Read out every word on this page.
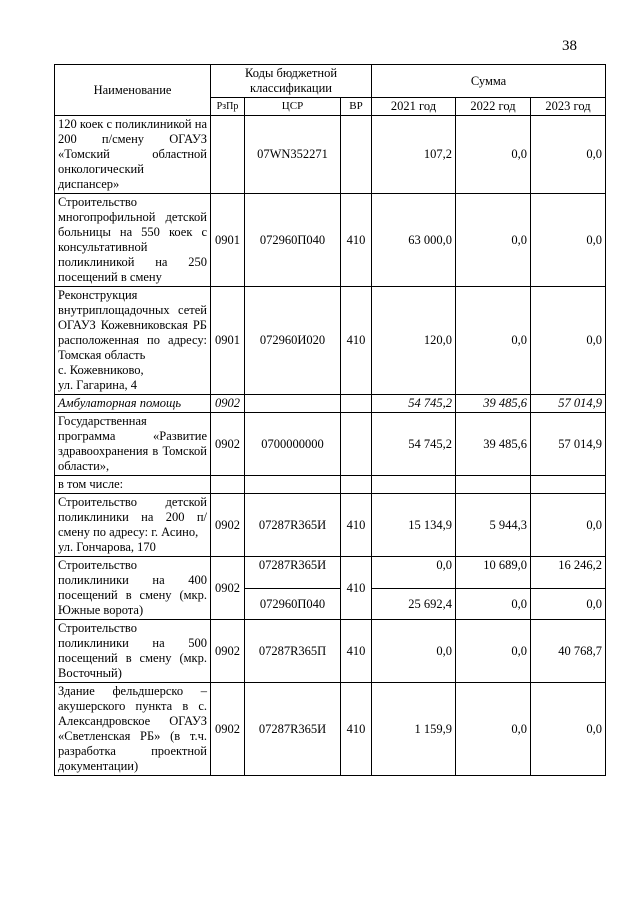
38
Наименование	Коды бюджетной классификации			Сумма		
	РзПр	ЦСР	ВР	2021 год	2022 год	2023 год
120 коек с поликлиникой на 200 п/смену ОГАУЗ «Томский областной онкологический диспансер»		07WN352271		107,2	0,0	0,0
Строительство многопрофильной детской больницы на 550 коек с консультативной поликлиникой на 250 посещений в смену	0901	072960П040	410	63 000,0	0,0	0,0

Реконструкция внутриплощадочных сетей ОГАУЗ Кожевниковская РБ расположенная по адресу: Томская область
с. Кожевниково,
ул. Гагарина, 4	0901	072960И020	410	120,0	0,0	0,0
Амбулаторная помощь	0902			54 745,2	39 485,6	57 014,9
Государственная программа «Развитие здравоохранения в Томской области»,	0902	0700000000		54 745,2	39 485,6	57 014,9
в том числе:						

Строительство детской поликлиники на 200 п/смену по адресу: г. Асино,
ул. Гончарова, 170	0902	07287R365И	410	15 134,9	5 944,3	0,0
Строительство поликлиники на 400 посещений в смену (мкр. Южные ворота)	0902	07287R365И	410	0,0	10 689,0	16 246,2
		072960П040		25 692,4	0,0	0,0
Строительство поликлиники на 500 посещений в смену (мкр. Восточный)	0902	07287R365П	410	0,0	0,0	40 768,7
Здание фельдшерско – акушерского пункта в с. Александровское ОГАУЗ «Светленская РБ» (в т.ч. разработка проектной документации)	0902	07287R365И	410	1 159,9	0,0	0,0
